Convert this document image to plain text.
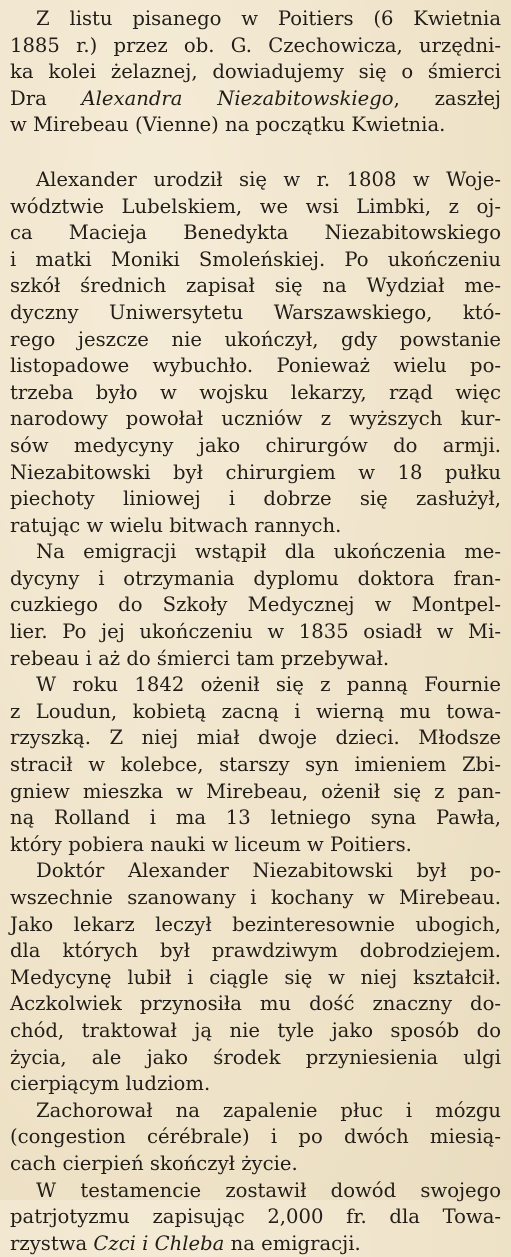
Z listu pisanego w Poitiers (6 Kwietnia
1885 r.) przez ob. G. Czechowicza, urzędni-
ka kolei żelaznej, dowiadujemy się o śmierci
Dra Alexandra Niezabitowskiego, zaszłej
w Mirebeau (Vienne) na początku Kwietnia.

Alexander urodził się w r. 1808 w Woje-
wództwie Lubelskiem, we wsi Limbki, z oj-
ca Macieja Benedykta Niezabitowskiego
i matki Moniki Smoleńskiej. Po ukończeniu
szkół średnich zapisał się na Wydział me-
dyczny Uniwersytetu Warszawskiego, któ-
rego jeszcze nie ukończył, gdy powstanie
listopadowe wybuchło. Ponieważ wielu po-
trzeba było w wojsku lekarzy, rząd więc
narodowy powołał uczniów z wyższych kur-
sów medycyny jako chirurgów do armji.
Niezabitowski był chirurgiem w 18 pułku
piechoty liniowej i dobrze się zasłużył,
ratując w wielu bitwach rannych.

Na emigracji wstąpił dla ukończenia me-
dycyny i otrzymania dyplomu doktora fran-
cuzkiego do Szkoły Medycznej w Montpel-
lier. Po jej ukończeniu w 1835 osiadł w Mi-
rebeau i aż do śmierci tam przebywał.

W roku 1842 ożenił się z panną Fournie
z Loudun, kobietą zacną i wierną mu towa-
rzyszką. Z niej miał dwoje dzieci. Młodsze
stracił w kolebce, starszy syn imieniem Zbi-
gniew mieszka w Mirebeau, ożenił się z pan-
ną Rolland i ma 13 letniego syna Pawła,
który pobiera nauki w liceum w Poitiers.

Doktór Alexander Niezabitowski był po-
wszechnie szanowany i kochany w Mirebeau.
Jako lekarz leczył bezinteresownie ubogich,
dla których był prawdziwym dobrodziejem.
Medycynę lubił i ciągle się w niej kształcił.
Aczkolwiek przynosiła mu dość znaczny do-
chód, traktował ją nie tyle jako sposób do
życia, ale jako środek przyniesienia ulgi
cierpiącym ludziom.

Zachorował na zapalenie płuc i mózgu
(congestion cérébrale) i po dwóch miesią-
cach cierpień skończył życie.

W testamencie zostawił dowód swojego
patrjotyzmu zapisując 2,000 fr. dla Towa-
rzystwa Czci i Chleba na emigracji.
